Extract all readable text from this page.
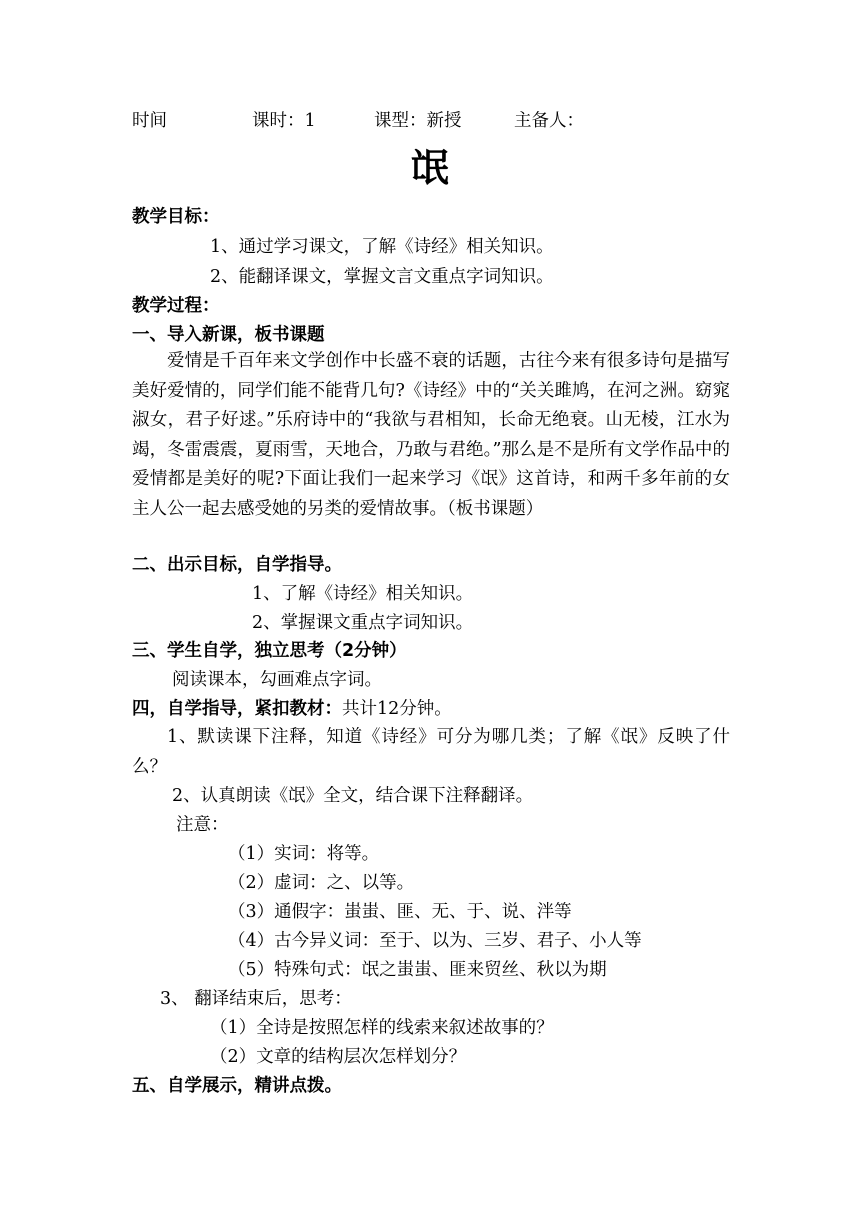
时间	课时：1	课型：新授	主备人：
氓
教学目标：
1、通过学习课文，了解《诗经》相关知识。
2、能翻译课文，掌握文言文重点字词知识。
教学过程：
一、导入新课，板书课题
爱情是千百年来文学创作中长盛不衰的话题，古往今来有很多诗句是描写美好爱情的，同学们能不能背几句?《诗经》中的“关关雎鸠，在河之洲。窈窕淑女，君子好逑。”乐府诗中的“我欲与君相知，长命无绝衰。山无棱，江水为竭，冬雷震震，夏雨雪，天地合，乃敢与君绝。”那么是不是所有文学作品中的爱情都是美好的呢?下面让我们一起来学习《氓》这首诗，和两千多年前的女主人公一起去感受她的另类的爱情故事。（板书课题）
二、出示目标，自学指导。
1、了解《诗经》相关知识。
2、掌握课文重点字词知识。
三、学生自学，独立思考（2分钟）
阅读课本，勾画难点字词。
四，自学指导，紧扣教材：共计12分钟。
1、默读课下注释，知道《诗经》可分为哪几类；了解《氓》反映了什么？
2、认真朗读《氓》全文，结合课下注释翻译。
注意：
（1）实词：将等。
（2）虚词：之、以等。
（3）通假字：蚩蚩、匪、无、于、说、泮等
（4）古今异义词：至于、以为、三岁、君子、小人等
（5）特殊句式：氓之蚩蚩、匪来贸丝、秋以为期
3、 翻译结束后，思考：
（1）全诗是按照怎样的线索来叙述故事的？
（2）文章的结构层次怎样划分？
五、自学展示，精讲点拨。
